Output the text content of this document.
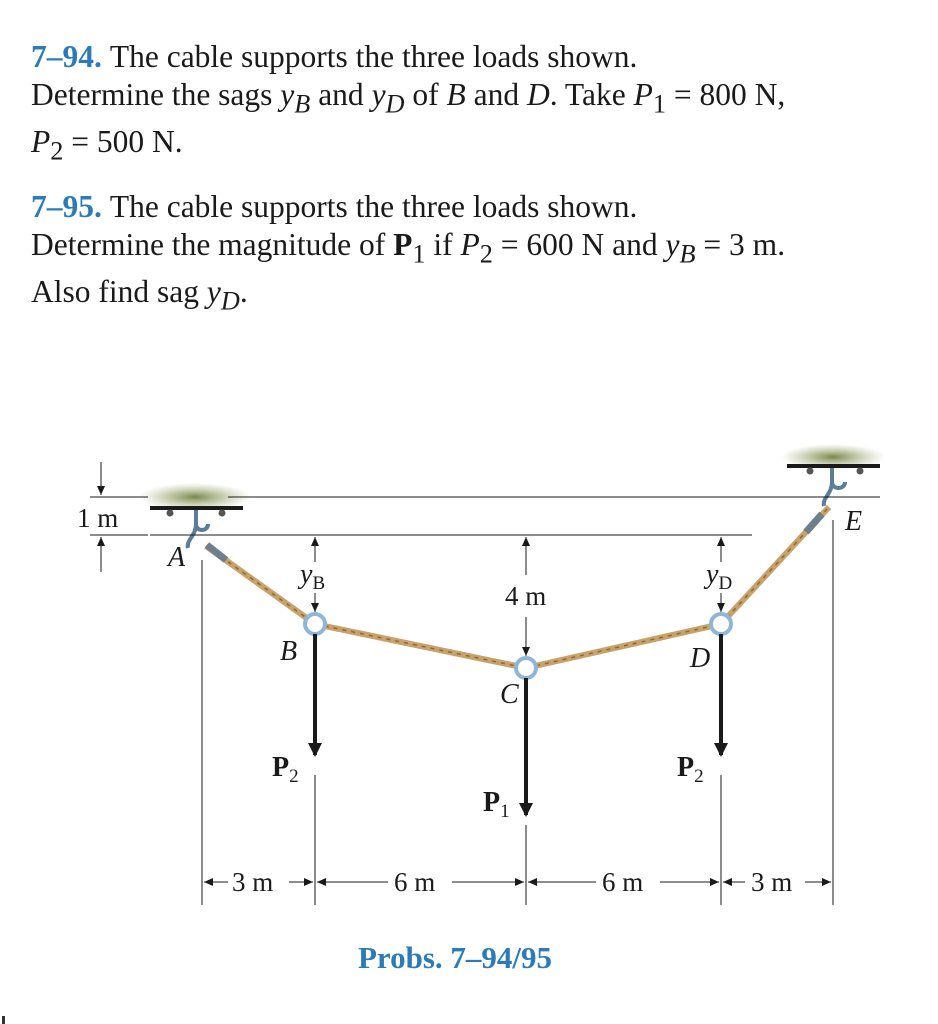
7–94. The cable supports the three loads shown.
Determine the sags $y_B$ and $y_D$ of B and D. Take $P_1 = 800$ N,
$P_2 = 500$ N.
7–95. The cable supports the three loads shown.
Determine the magnitude of $P_1$ if $P_2 = 600$ N and $y_B = 3$ m.
Also find sag $y_D$.
1 m
$y_B$	4 m
$y_D$
3 m	6 m	6 m	3 m
A
B
C
D
E
$P_2$
$P_1$
$P_2$
Probs. 7–94/95
